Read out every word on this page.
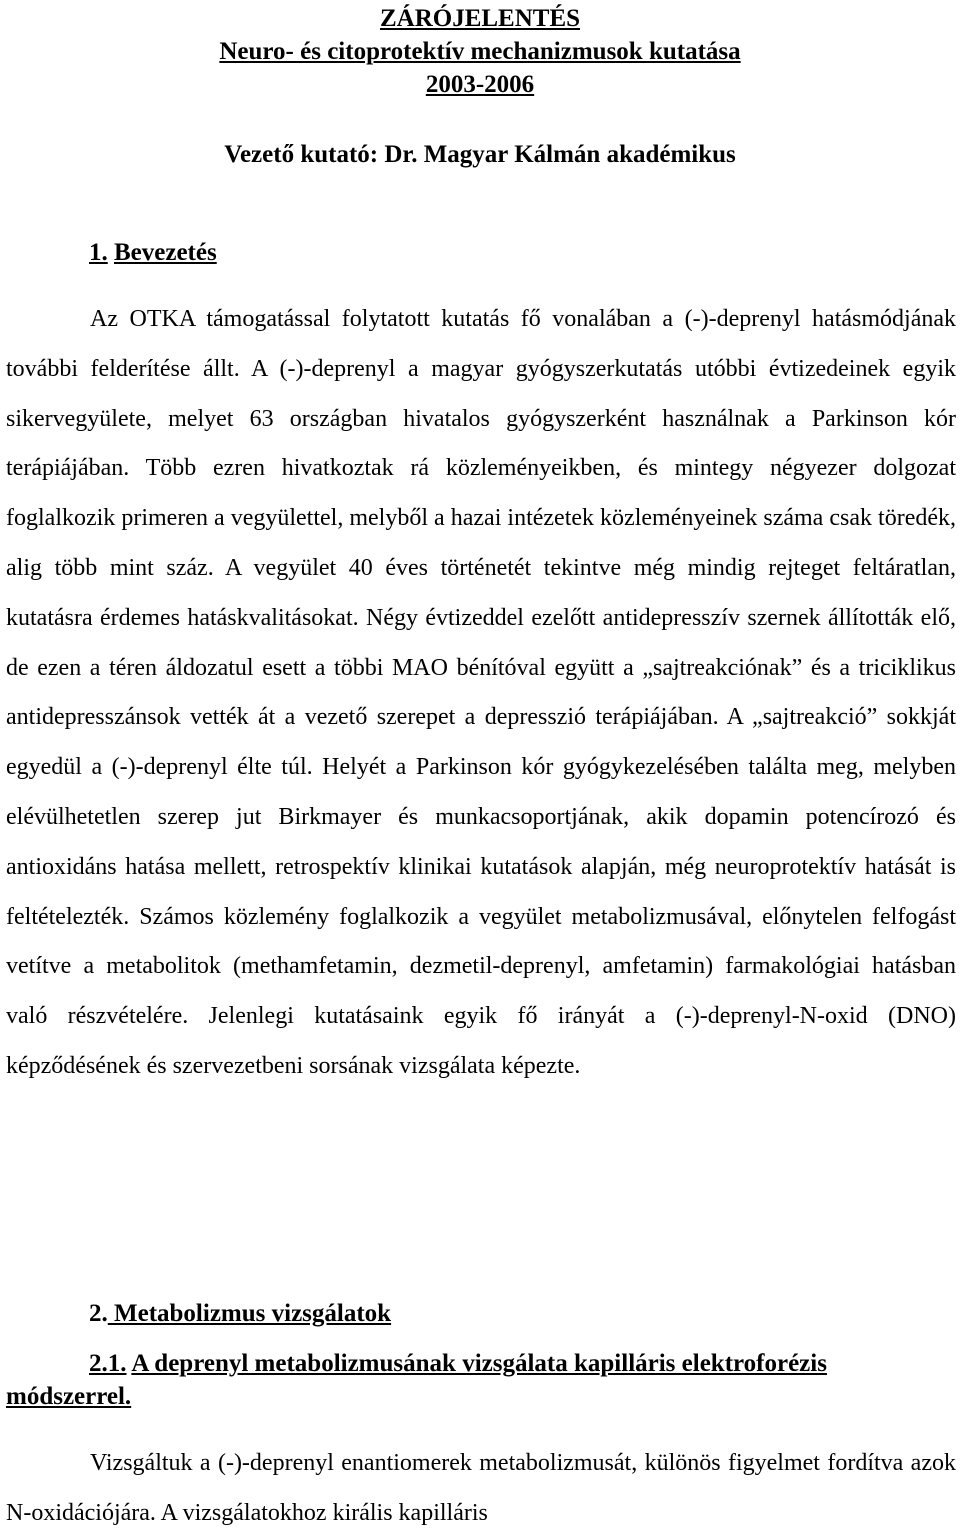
ZÁRÓJELENTÉS
Neuro- és citoprotektív mechanizmusok kutatása
2003-2006
Vezető kutató: Dr. Magyar Kálmán akadémikus
1. Bevezetés

Az OTKA támogatással folytatott kutatás fő vonalában a (-)-deprenyl hatásmódjának további felderítése állt. A (-)-deprenyl a magyar gyógyszerkutatás utóbbi évtizedeinek egyik sikervegyülete, melyet 63 országban hivatalos gyógyszerként használnak a Parkinson kór terápiájában. Több ezren hivatkoztak rá közleményeikben, és mintegy négyezer dolgozat foglalkozik primeren a vegyülettel, melyből a hazai intézetek közleményeinek száma csak töredék, alig több mint száz. A vegyület 40 éves történetét tekintve még mindig rejteget feltáratlan, kutatásra érdemes hatáskvalitásokat. Négy évtizeddel ezelőtt antidepresszív szernek állították elő, de ezen a téren áldozatul esett a többi MAO bénítóval együtt a „sajtreakciónak” és a triciklikus antidepresszánsok vették át a vezető szerepet a depresszió terápiájában. A „sajtreakció” sokkját egyedül a (-)-deprenyl élte túl. Helyét a Parkinson kór gyógykezelésében találta meg, melyben elévülhetetlen szerep jut Birkmayer és munkacsoportjának, akik dopamin potencírozó és antioxidáns hatása mellett, retrospektív klinikai kutatások alapján, még neuroprotektív hatását is feltételezték. Számos közlemény foglalkozik a vegyület metabolizmusával, előnytelen felfogást vetítve a metabolitok (methamfetamin, dezmetil-deprenyl, amfetamin) farmakológiai hatásban való részvételére. Jelenlegi kutatásaink egyik fő irányát a (-)-deprenyl-N-oxid (DNO) képződésének és szervezetbeni sorsának vizsgálata képezte.

2. Metabolizmus vizsgálatok

2.1. A deprenyl metabolizmusának vizsgálata kapilláris elektroforézis módszerrel.

Vizsgáltuk a (-)-deprenyl enantiomerek metabolizmusát, különös figyelmet fordítva azok N-oxidációjára. A vizsgálatokhoz királis kapilláris
